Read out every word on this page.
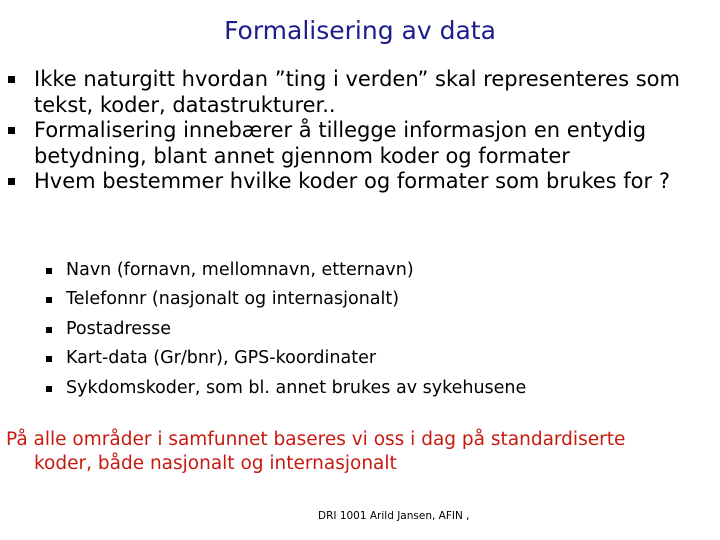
Formalisering av data
Ikke naturgitt hvordan ”ting i verden” skal representeres som tekst, koder, datastrukturer..
Formalisering innebærer å tillegge informasjon en entydig betydning, blant annet gjennom koder og formater
Hvem bestemmer hvilke koder og formater som brukes for ?
Navn (fornavn, mellomnavn, etternavn)
Telefonnr (nasjonalt og internasjonalt)
Postadresse
Kart-data (Gr/bnr), GPS-koordinater
Sykdomskoder, som bl. annet brukes av sykehusene
På alle områder i samfunnet baseres vi oss i dag på standardiserte
koder, både nasjonalt og internasjonalt
DRI 1001 Arild Jansen, AFIN ,
